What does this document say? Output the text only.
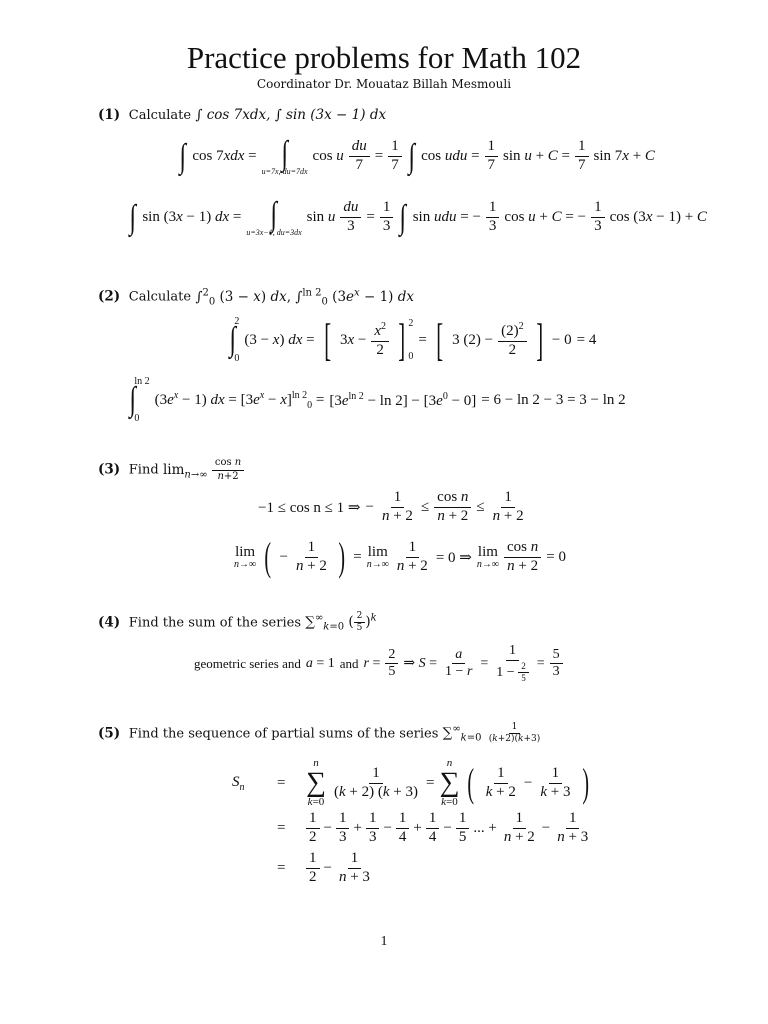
Practice problems for Math 102
Coordinator Dr. Mouataz Billah Mesmouli
(1) Calculate ∫ cos 7xdx, ∫ sin (3x − 1) dx
∫ cos 7xdx = ∫
u=7x, du=7dx
cos u $\frac{du}{7} = \frac{1}{7}$ ∫ cos udu = $\frac{1}{7}$ $\sin u + C = \frac{1}{7}$ sin 7x + C
∫ sin (3x − 1) dx = ∫
u=3x−1, du=3dx
sin u $\frac{du}{3} = \frac{1}{3}$ ∫ sin udu = − $\frac{1}{3}$ cos u + C = − $\frac{1}{3}$ cos (3x − 1) + C
(2) Calculate ∫$^2_0$ (3 − x) dx, ∫$^{ln 2}_0$ $(3e^x - 1)$ dx
∫
2
0
(3 − x) dx = [ $3x - \frac{x^2}{2}$ ] 2
0
= [ 3 $(2) - \frac{(2)^2}{2}$ ] − 0 = 4
∫
ln 2
0
$(3e^x - 1)$ dx = $[3e^x - x]^{ln 2}_0 = [3e^{ln 2} - \ln 2] - [3e^0 - 0] = 6 - \ln 2 - 3 = 3 - \ln 2$
(3) Find $\lim_{n\to\infty} \frac{\text{cos n}}{n+2}$
−1 ≤ cos n ≤ 1 ⇒ − $\frac{1}{n + 2} \le \frac{\text{cos n}}{n + 2} \le \frac{1}{n + 2}$
lim
n→∞ ( − $\frac{1}{n + 2}$ ) = lim
$n\to\infty \frac{1}{n + 2} = 0$ ⇒ lim
$n\to\infty \frac{\text{cos n}}{n + 2} = 0$
(4) Find the sum of the series $\sum^\infty_{k=0}$ ( $\frac{2}{5} )^k$
geometric series and a = 1 and $r = \frac{2}{5}$ ⇒ $S = \frac{a}{1 - r} = \frac{1}{1 - \frac{2}{5}} = \frac{5}{3}$
(5) Find the sequence of partial sums of the series $\sum^\infty_{k=0} \frac{1}{(k+2)(k+3)}$
$S_n$	=
n
∑
k=0
$\frac{1}{(k + 2) (k + 3)}$ =
n
∑
k=0 ( $\frac{1}{k + 2} - \frac{1}{k + 3}$ )
=	$\frac{1}{2} - \frac{1}{3} + \frac{1}{3} - \frac{1}{4} + \frac{1}{4} - \frac{1}{5}$ ... + $\frac{1}{n + 2} - \frac{1}{n + 3}$
=	$\frac{1}{2} - \frac{1}{n + 3}$
1
